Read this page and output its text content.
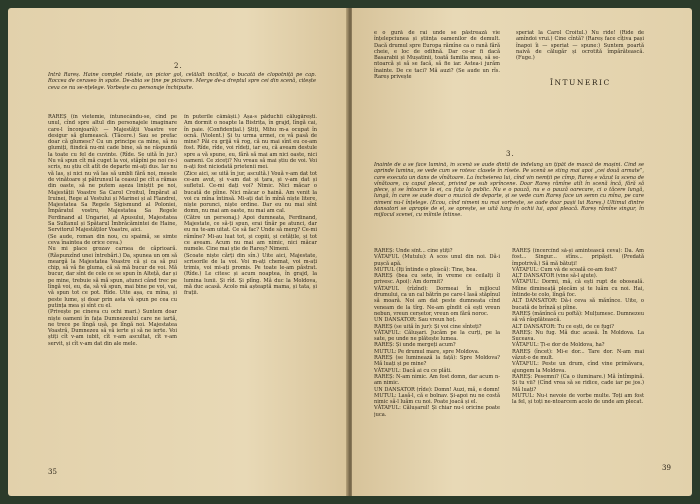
2.

Intră Rareș. Haine complet rîsiate, un picior gol, celălalt încălțat, o bucată de clopotniță pe cap. Roccea de ceraseo în spate. De-abia se ține pe picioare. Merge de-a dreptul spre cei din scenă, citește ceva ce nu se-nțelege. Vorbește cu personaje închipuite.

RAREȘ (în vietemie, întunecându-se, cînd pe unul, cînd spre altul din personajele imaginare care-l înconjoară): — Majestății Voastre vor desigur să glumească. (Tăcere.) Sau se prefac doar că glumesc? Cu un principe ca mine, să nu glumiți, fiindcă nu-mi cade bine, să ne răspundă la toate cu fel de cuvinte. (Rîde. Se uită în jur.) Nu vă spun cît mă cuget la voi, stăpîni pe noi ce-i scris, nu știu cît atît de departe mi-ați dus. Iar nu vă las, și nici nu vă las să umbli fără noi, mesele de vinătoare și pătrunsul la ceasul pe cît a rămas din oaste, să ne putem așeza liniștit pe noi, Majestății Voastre Sa Carol Croitul, Împărat al Iruinei, Rege al Vestului și Marinei și al Flandrei, Majestatea Sa Regele Sigismund al Poloniei, Împăratul vostru, Majestatea Sa Regele Ferdinand al Ungariei, al Apusului, Majestatea Sa Sultanul și Spătarul Îmbrăcămintei de Haine, Servitorul Majestăților Voastre, aici.
(Se aude, roman din nou, cu spaimă, se simte ceva înaintea de orice ceva.)
Nu mi place grozav carnea de căprioară. (Răspunzînd unei întrebări.) Da, spunea un om să meargă la Majestatea Voastre că și ca să pui chip, să vă fie gluma, că să mă bucur de voi. Mă bucur, dar sînt de cele ce se spun în Alteță, dar și pe mine, trebuie să mă spun, atunci când trec pe lîngă voi, eu, da, să vă spun, mai bine pe voi, vai, vă spun tot ce pot. Rîde. Uite așa, cu mîna, și peste lume, și doar prin asta vă spun pe cea cu putința mea și sînt cu el.
(Privește pe cineva cu ochi mari.) Suntem doar niște oameni în fața Dumnezeului care ne iartă, ne trece pe lîngă ușă, pe lîngă noi. Majestatea Voastră, Dumnezeu să vă ierte și să ne ierte. Voi știți cît v-am iubit, cît v-am ascultat, cît v-am servit, și cît v-am dat din ale mele.

în puterile cămășii.) Așa-s păduchii călugărești. Am dormit o noapte la Bistrița, în grajd, lîngă cai, în paie. (Confidențial.) Știți, Mihu m-a ocupat în ocnă. (Violent.) Și tu urma urmei, ce vă pasă de mine? Păi cu grijă vă rog, că nu mai sînt eu ce-am fost. Rîde, rîde, voi rîdeți, iar eu, că aveam destule spre a vă spune, eu, fără să mai am nici oaste, nici oameni. Ce ziceți? Nu vreau să mai știu de voi. Voi n-ați fost niciodată prietenii mei.
(Zice aici, se uită în jur, ascultă.) Vouă v-am dat tot ce-am avut, și v-am dat și țara, și v-am dat și sufletul. Ce-mi dați voi? Nimic. Nici măcar o bucată de pîine. Nici măcar o haină. Am venit la voi cu mîna întinsă. Mi-ați dat în mînă niște litere, niște porunci, niște ordine. Dar eu nu mai sînt domn, nu mai am oaste, nu mai am cal.
(Către un personaj.) Apoi dumneata, Ferdinand, Majestate, ce să-ți spun, erai tînăr pe atunci, dar eu nu te-am uitat. Ce să fac? Unde să merg? Ce-mi rămîne? Mi-au luat tot, și copiii, și cetățile, și tot ce aveam. Acum nu mai am nimic, nici măcar numele. Cine mai știe de Rareș? Nimeni.
(Scoate niște cărți din sîn.) Uite aici, Majestate, scrisorile de la voi. Voi m-ați chemat, voi m-ați trimis, voi mi-ați promis. Pe toate le-am păstrat. (Rîde.) Le citesc și acum noaptea, în grajd, la lumina lunii. Și rîd. Și plîng. Mă duc la Moldova, mă duc acasă. Acolo mă așteaptă mama, și tata, și frații.

35

e o gură de rai unde se păstrează vie înțelepciunea și știința oamenilor de demult. Dacă drumul spre Europa rămîne ca o rană fără cheie, e loc de odihnă. Dar ce-ar fi dacă Basarabii și Mușatinii, toată familia mea, să se-ntoarcă și să se facă, să fie iar. Astea-i jurăm înainte. De ce taci? Mă auzi? (Se aude un rîs. Rareș privește

speriat la Carol Croitul.) Nu rîde! (Rîde de amîndoi vrui.) Cine cîntă? (Rareș face cîțiva pași înapoi îi — speriat — spune:) Suntem poartă naivă de călugăr și ocrotită împărătească. (Fuge.)

ÎNTUNERIC
3.

Înainte de a se face lumină, în scenă se aude dintîi de îndelung un țipăt de mască de mașini. Cînd se aprinde lumina, se vede cum se rotesc clasele în rîsete. Pe scenă se sting mai apoi „cei două armate”, care executa un dans de vînătoare. La încheierea lui, cînd vin nemții pe cîmp, Rareș e văzut la scena de vînătoare, cu capul plecat, privind pe sub sprîncene. Doar Rareș rămîne atît în scenă încă, fără să plece, și se întoarce la ei, cu fața la public. Nu e o pauză, nu e o pauză oarecare, ci o tăcere lungă, lungă, în care se aude doar o muzică de departe, și se vede cum Rareș face un semn cu mîna, pe care nimeni nu-l înțelege. (Ecou, cînd nimeni nu mai vorbește, se aude doar pașii lui Rareș.) Ultimul dintre dansatori se apropie de el, se oprește, se uită lung în ochii lui, apoi pleacă. Rareș rămîne singur, în mijlocul scenei, cu mîinile întinse.

RAREȘ: Unde sînt... cine știți?
VĂTAFUL (Mutulu): A scos unul din noi. Dă-i pușcă apă.
MUTUL (Iți întinde o ploscă): Tine, bea.
RAREȘ (bea cu sete, în vreme ce ceilalți îl privesc. Apoi): Am dormit?
VĂTAFUL (rîzînd): Dormeai în mijlocul drumului, ca un cal bătrîn pe care-l lasă stăpînul să moară. Noi am dat peste dumneata cînd veneam de la tîrg. Ne-am gîndit că ești vreun nebun, vreun cerșetor, vreun om fără noroc.
UN DANSATOR: Sau vreun hoț.
RAREȘ (se uită în jur): Și voi cine sînteți?
VĂTAFUL: Călușari. Jucăm pe la curți, pe la sate, pe unde ne plătește lumea.
RAREȘ: Și unde mergeți acum?
MUTUL: Pe drumul mare, spre Moldova.
RAREȘ (se luminează la față): Spre Moldova? Mă luați și pe mine?
VĂTAFUL: Dacă ai cu ce plăti.
RAREȘ: N-am nimic. Am fost domn, dar acum n-am nimic.
UN DANSATOR (rîde): Domn! Auzi, mă, e domn!
MUTUL: Lasă-l, că e bolnav. Și-apoi nu ne costă nimic să-l luăm cu noi. Poate joacă și el.
VĂTAFUL: Călușarul! Și chiar nu-i oricine poate juca.

RAREȘ (încercînd să-și amintească ceva): Da. Am fost... Singur... stîns... pripășit. (Predată împotrivă.) Să mă bătuți!
VĂTAFUL: Cum vă de scoală ce-am fost?
ALT DANSATOR (vine să-l ajute).
VĂTAFUL: Dormi, mă, că ești rupt de oboseală. Mîine dimineață plecăm și te luăm cu noi. Hai, întinde-te colo, lîngă foc.
ALT DANSATOR: Dă-i ceva să mănînce. Uite, o bucată de brînză și pîine.
RAREȘ (mănîncă cu poftă): Mulțumesc. Dumnezeu să vă răsplătească.
ALT DANSATOR: Tu ce ești, de ce fugi?
RAREȘ: Nu fug. Mă duc acasă. În Moldova. La Suceava.
VĂTAFUL: Ți-e dor de Moldova, ha?
RAREȘ (încet): Mi-e dor... Tare dor. N-am mai văzut-o de mult.
VĂTAFUL: Peste un drum, cînd vine primăvara, ajungem la Moldova.
RAREȘ: Pesemni? (Ca o iluminare.) Mă întîmpină. Și tu vii? (Cînd vrea să se ridice, cade iar pe jos.) Mă luați?
MUTUL: Nu-i nevoie de vorbe multe. Toți am fost la fel, și toți ne-ntoarcem acolo de unde am plecat.

39
